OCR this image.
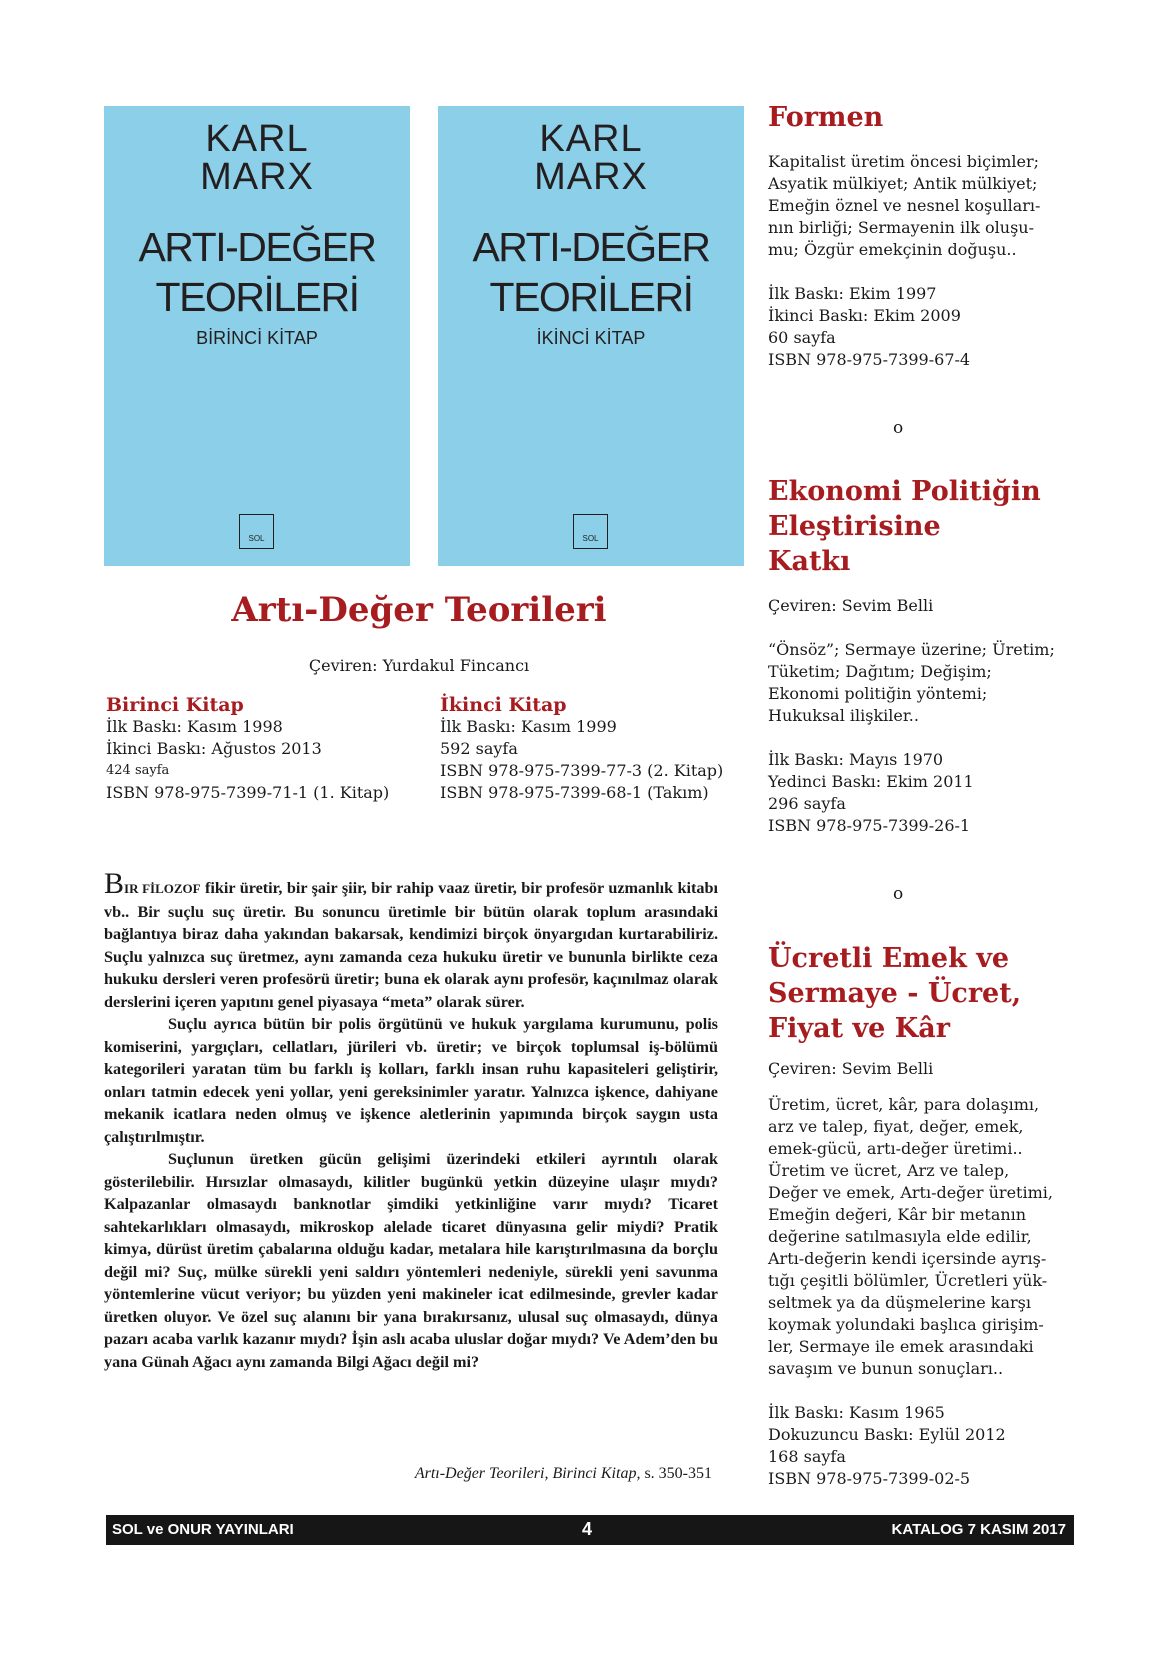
KARL
MARX
ARTI-DEĞER
TEORİLERİ
BİRİNCİ KİTAP
SOL
KARL
MARX
ARTI-DEĞER
TEORİLERİ
İKİNCİ KİTAP
SOL
Artı-Değer Teorileri
Çeviren: Yurdakul Fincancı
Birinci Kitap
İlk Baskı: Kasım 1998
İkinci Baskı: Ağustos 2013
424 sayfa
ISBN 978-975-7399-71-1 (1. Kitap)
İkinci Kitap
İlk Baskı: Kasım 1999
592 sayfa
ISBN 978-975-7399-77-3 (2. Kitap)
ISBN 978-975-7399-68-1 (Takım)

BIR FİLOZOF fikir üretir, bir şair şiir, bir rahip vaaz üretir, bir profesör uzmanlık kitabı vb.. Bir suçlu suç üretir. Bu sonuncu üretimle bir bütün olarak toplum arasındaki bağlantıya biraz daha yakından bakarsak, kendimizi birçok önyargıdan kurtarabiliriz. Suçlu yalnızca suç üretmez, aynı zamanda ceza hukuku üretir ve bununla birlikte ceza hukuku dersleri veren profesörü üretir; buna ek olarak aynı profesör, kaçınılmaz olarak derslerini içeren yapıtını genel piyasaya “meta” olarak sürer.

Suçlu ayrıca bütün bir polis örgütünü ve hukuk yargılama kurumunu, polis komiserini, yargıçları, cellatları, jürileri vb. üretir; ve birçok toplumsal iş-bölümü kategorileri yaratan tüm bu farklı iş kolları, farklı insan ruhu kapasiteleri geliştirir, onları tatmin edecek yeni yollar, yeni gereksinimler yaratır. Yalnızca işkence, dahiyane mekanik icatlara neden olmuş ve işkence aletlerinin yapımında birçok saygın usta çalıştırılmıştır.

Suçlunun üretken gücün gelişimi üzerindeki etkileri ayrıntılı olarak gösterilebilir. Hırsızlar olmasaydı, kilitler bugünkü yetkin düzeyine ulaşır mıydı? Kalpazanlar olmasaydı banknotlar şimdiki yetkinliğine varır mıydı? Ticaret sahtekarlıkları olmasaydı, mikroskop alelade ticaret dünyasına gelir miydi? Pratik kimya, dürüst üretim çabalarına olduğu kadar, metalara hile karıştırılmasına da borçlu değil mi? Suç, mülke sürekli yeni saldırı yöntemleri nedeniyle, sürekli yeni savunma yöntemlerine vücut veriyor; bu yüzden yeni makineler icat edilmesinde, grevler kadar üretken oluyor. Ve özel suç alanını bir yana bırakırsanız, ulusal suç olmasaydı, dünya pazarı acaba varlık kazanır mıydı? İşin aslı acaba uluslar doğar mıydı? Ve Adem’den bu yana Günah Ağacı aynı zamanda Bilgi Ağacı değil mi?

Artı-Değer Teorileri, Birinci Kitap, s. 350-351
Formen
Kapitalist üretim öncesi biçimler;
Asyatik mülkiyet; Antik mülkiyet;
Emeğin öznel ve nesnel koşulları-
nın birliği; Sermayenin ilk oluşu-
mu; Özgür emekçinin doğuşu..
İlk Baskı: Ekim 1997
İkinci Baskı: Ekim 2009
60 sayfa
ISBN 978-975-7399-67-4
o
Ekonomi Politiğin
Eleştirisine
Katkı
Çeviren: Sevim Belli
“Önsöz”; Sermaye üzerine; Üretim;
Tüketim; Dağıtım; Değişim;
Ekonomi politiğin yöntemi;
Hukuksal ilişkiler..
İlk Baskı: Mayıs 1970
Yedinci Baskı: Ekim 2011
296 sayfa
ISBN 978-975-7399-26-1
o
Ücretli Emek ve
Sermaye - Ücret,
Fiyat ve Kâr
Çeviren: Sevim Belli
Üretim, ücret, kâr, para dolaşımı,
arz ve talep, fiyat, değer, emek,
emek-gücü, artı-değer üretimi..
Üretim ve ücret, Arz ve talep,
Değer ve emek, Artı-değer üretimi,
Emeğin değeri, Kâr bir metanın
değerine satılmasıyla elde edilir,
Artı-değerin kendi içersinde ayrış-
tığı çeşitli bölümler, Ücretleri yük-
seltmek ya da düşmelerine karşı
koymak yolundaki başlıca girişim-
ler, Sermaye ile emek arasındaki
savaşım ve bunun sonuçları..
İlk Baskı: Kasım 1965
Dokuzuncu Baskı: Eylül 2012
168 sayfa
ISBN 978-975-7399-02-5
SOL ve ONUR YAYINLARI	4	KATALOG 7 KASIM 2017
